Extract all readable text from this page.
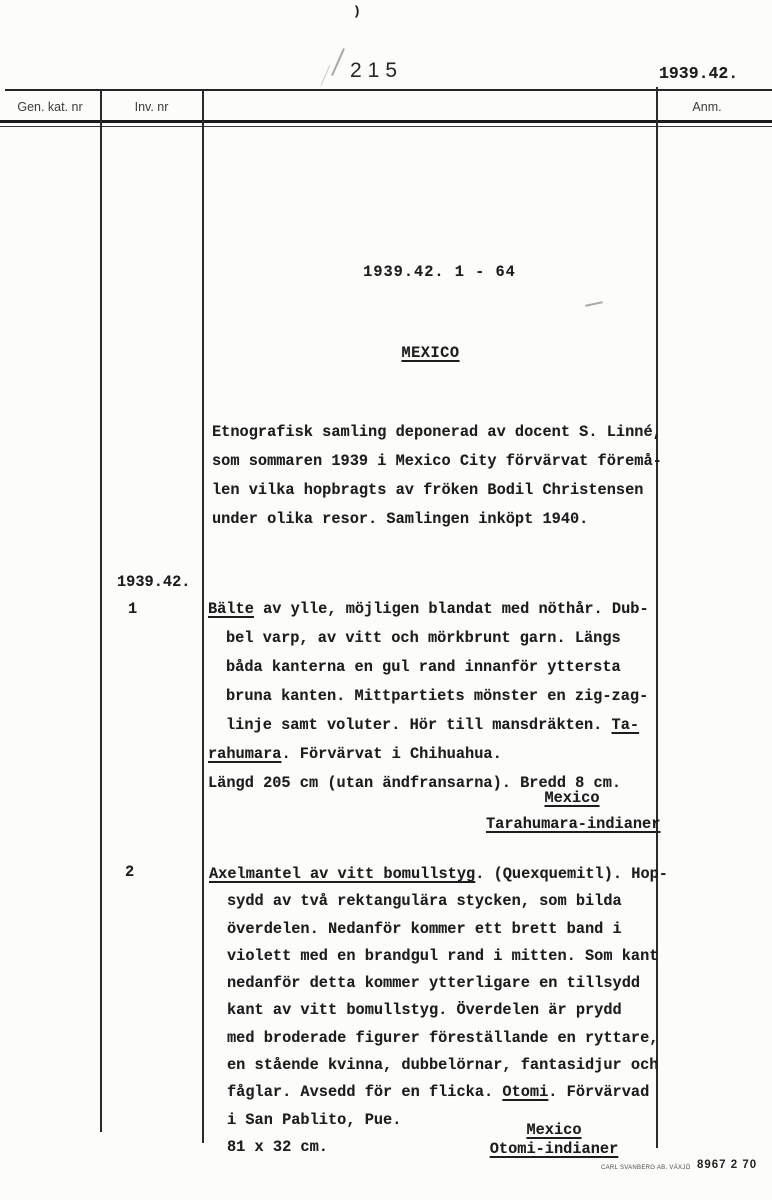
)
215	1939.42.
Gen. kat. nr	Inv. nr	Anm.
1939.42. 1 - 64
MEXICO
Etnografisk samling deponerad av docent S. Linné,
som sommaren 1939 i Mexico City förvärvat föremå-
len vilka hopbragts av fröken Bodil Christensen
under olika resor. Samlingen inköpt 1940.
1939.42.
1	Bälte av ylle, möjligen blandat med nöthår. Dub-
bel varp, av vitt och mörkbrunt garn. Längs
båda kanterna en gul rand innanför yttersta
bruna kanten. Mittpartiets mönster en zig-zag-
linje samt voluter. Hör till mansdräkten. Ta-
rahumara. Förvärvat i Chihuahua.
Längd 205 cm (utan ändfransarna). Bredd 8 cm.
Mexico
Tarahumara-indianer
2	Axelmantel av vitt bomullstyg. (Quexquemitl). Hop-
sydd av två rektangulära stycken, som bilda
överdelen. Nedanför kommer ett brett band i
violett med en brandgul rand i mitten. Som kant
nedanför detta kommer ytterligare en tillsydd
kant av vitt bomullstyg. Överdelen är prydd
med broderade figurer föreställande en ryttare,
en stående kvinna, dubbelörnar, fantasidjur och
fåglar. Avsedd för en flicka. Otomi. Förvärvad
i San Pablito, Pue.
81 x 32 cm.
Mexico
Otomi-indianer
CARL SVANBERG AB. VÄXJÖ 8967 2 70
